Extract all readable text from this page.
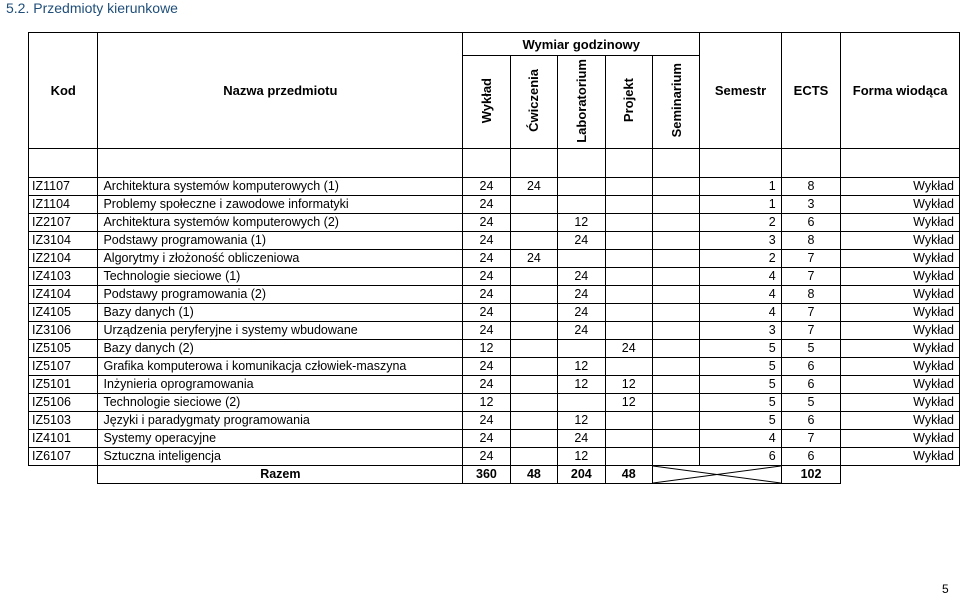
5.2. Przedmioty kierunkowe
Kod	Nazwa przedmiotu	Wymiar godzinowy					Semestr	ECTS	Forma wiodąca
		Wykład	Ćwiczenia	Laboratorium	Projekt	Seminarium			

IZ1107	Architektura systemów komputerowych (1)	24	24				1	8	Wykład
IZ1104	Problemy społeczne i zawodowe informatyki	24					1	3	Wykład
IZ2107	Architektura systemów komputerowych (2)	24		12			2	6	Wykład
IZ3104	Podstawy programowania (1)	24		24			3	8	Wykład
IZ2104	Algorytmy i złożoność obliczeniowa	24	24				2	7	Wykład
IZ4103	Technologie sieciowe (1)	24		24			4	7	Wykład
IZ4104	Podstawy programowania (2)	24		24			4	8	Wykład
IZ4105	Bazy danych (1)	24		24			4	7	Wykład
IZ3106	Urządzenia peryferyjne i systemy wbudowane	24		24			3	7	Wykład
IZ5105	Bazy danych (2)	12			24		5	5	Wykład
IZ5107	Grafika komputerowa i komunikacja człowiek-maszyna	24		12			5	6	Wykład
IZ5101	Inżynieria oprogramowania	24		12	12		5	6	Wykład
IZ5106	Technologie sieciowe (2)	12			12		5	5	Wykład
IZ5103	Języki i paradygmaty programowania	24		12			5	6	Wykład
IZ4101	Systemy operacyjne	24		24			4	7	Wykład
IZ6107	Sztuczna inteligencja	24		12			6	6	Wykład
	Razem	360	48	204	48			102	
5
